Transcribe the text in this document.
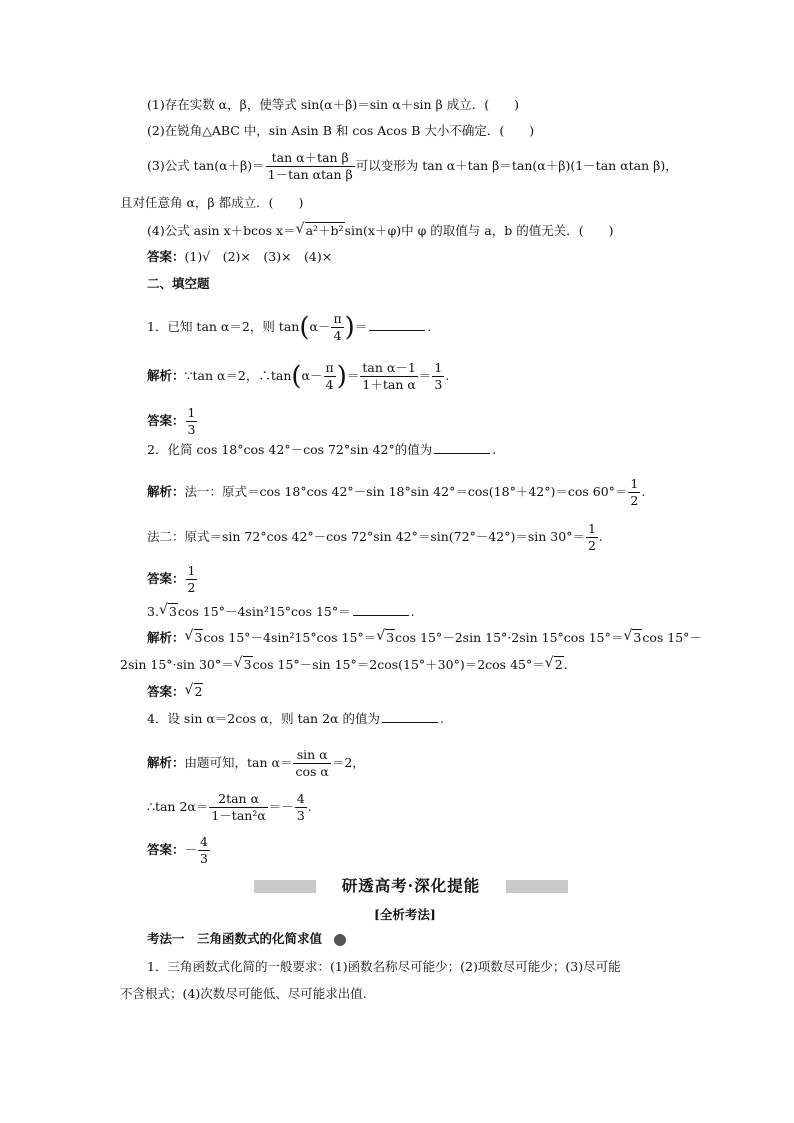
(1)存在实数 α，β，使等式 sin(α＋β)＝sin α＋sin β 成立．(　　)
(2)在锐角△ABC 中，sin Asin B 和 cos Acos B 大小不确定．(　　)
(3)公式 $\tan(\alpha+\beta)= \frac{\text{tan α＋tan β}}{\text{1－tan αtan β}}$ 可以变形为 tan α＋tan β＝tan(α＋β)(1－tan αtan β)，
且对任意角 α，β 都成立．(　　)
(4)公式 asin x＋bcos x＝ √ a²＋b²sin(x＋φ)中 φ 的取值与 a，b 的值无关．(　　)
答案：(1)√　(2)×　(3)×　(4)×
二、填空题
1．已知 tan α＝2，则 $\tan(\alpha- \frac{\pi}{4}$ )＝	.
解析：∵tan α＝2，∴tan(α－ $\frac{\pi}{4}$ )＝ $\frac{\text{tan α－1}}{\text{1＋tan α}} = \frac{1}{3}$ .
答案： $\frac{1}{3}$
2．化简 cos 18°cos 42°－cos 72°sin 42°的值为	.
解析：法一：原式＝cos 18°cos 42°－sin 18°sin 42°＝cos(18°＋42°)＝cos $60^\circ= \frac{1}{2}$ .
法二：原式＝sin 72°cos 42°－cos 72°sin 42°＝sin(72°－42°)＝sin $30^\circ= \frac{1}{2}$ .
答案： $\frac{1}{2}$
3. √ 3cos 15°－4sin²15°cos 15°＝	.
解析： √ 3cos 15°－4sin²15°cos 15°＝ √ 3cos 15°－2sin 15°·2sin 15°cos 15°＝ √ 3cos 15°－
2sin 15°·sin 30°＝ √ 3cos 15°－sin 15°＝2cos(15°＋30°)＝2cos 45°＝ √ 2.
答案： √ 2
4．设 sin α＝2cos α，则 tan 2α 的值为	.
解析：由题可知，$\tan \alpha= \frac{\text{sin α}}{\text{cos α}} =2$，
∴tan $2\alpha= \frac{\text{2tan α}}{\text{1－tan²α}} =- \frac{4}{3}$ .
答案：－ $\frac{4}{3}$
研透高考·深化提能
[全析考法]
考法一　三角函数式的化简求值
1．三角函数式化简的一般要求：(1)函数名称尽可能少；(2)项数尽可能少；(3)尽可能
不含根式；(4)次数尽可能低、尽可能求出值.
